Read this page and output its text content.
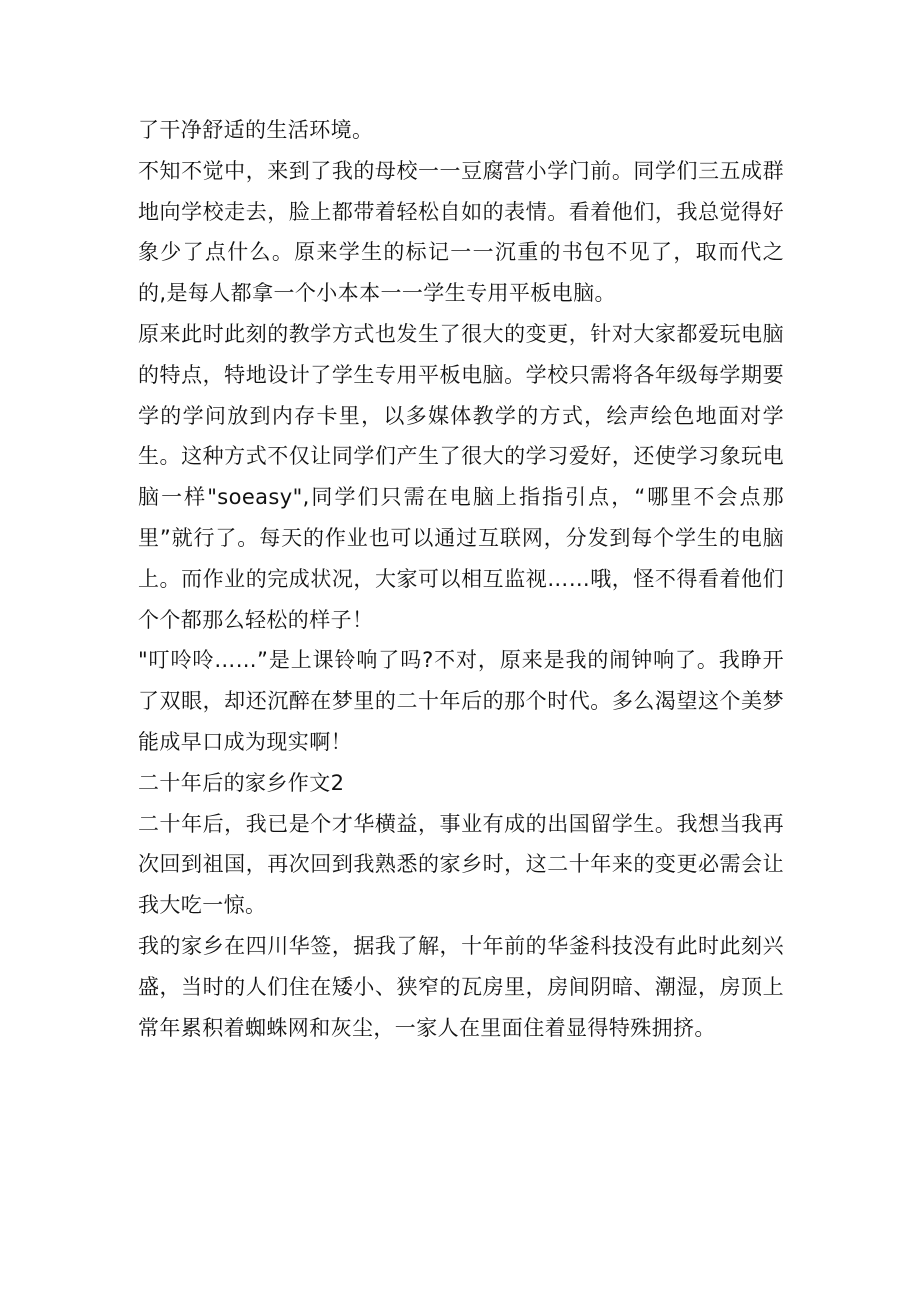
了干净舒适的生活环境。

不知不觉中，来到了我的母校一一豆腐营小学门前。同学们三五成群地向学校走去，脸上都带着轻松自如的表情。看着他们，我总觉得好象少了点什么。原来学生的标记一一沉重的书包不见了，取而代之的,是每人都拿一个小本本一一学生专用平板电脑。

原来此时此刻的教学方式也发生了很大的变更，针对大家都爱玩电脑的特点，特地设计了学生专用平板电脑。学校只需将各年级每学期要学的学问放到内存卡里，以多媒体教学的方式，绘声绘色地面对学生。这种方式不仅让同学们产生了很大的学习爱好，还使学习象玩电脑一样"soeasy",同学们只需在电脑上指指引点，“哪里不会点那里”就行了。每天的作业也可以通过互联网，分发到每个学生的电脑上。而作业的完成状况，大家可以相互监视……哦，怪不得看着他们个个都那么轻松的样子！

"叮呤呤……”是上课铃响了吗?不对，原来是我的闹钟响了。我睁开了双眼，却还沉醉在梦里的二十年后的那个时代。多么渴望这个美梦能成早口成为现实啊！

二十年后的家乡作文2

二十年后，我已是个才华横益，事业有成的出国留学生。我想当我再次回到祖国，再次回到我熟悉的家乡时，这二十年来的变更必需会让我大吃一惊。

我的家乡在四川华签，据我了解，十年前的华釜科技没有此时此刻兴盛，当时的人们住在矮小、狭窄的瓦房里，房间阴暗、潮湿，房顶上常年累积着蜘蛛网和灰尘，一家人在里面住着显得特殊拥挤。
